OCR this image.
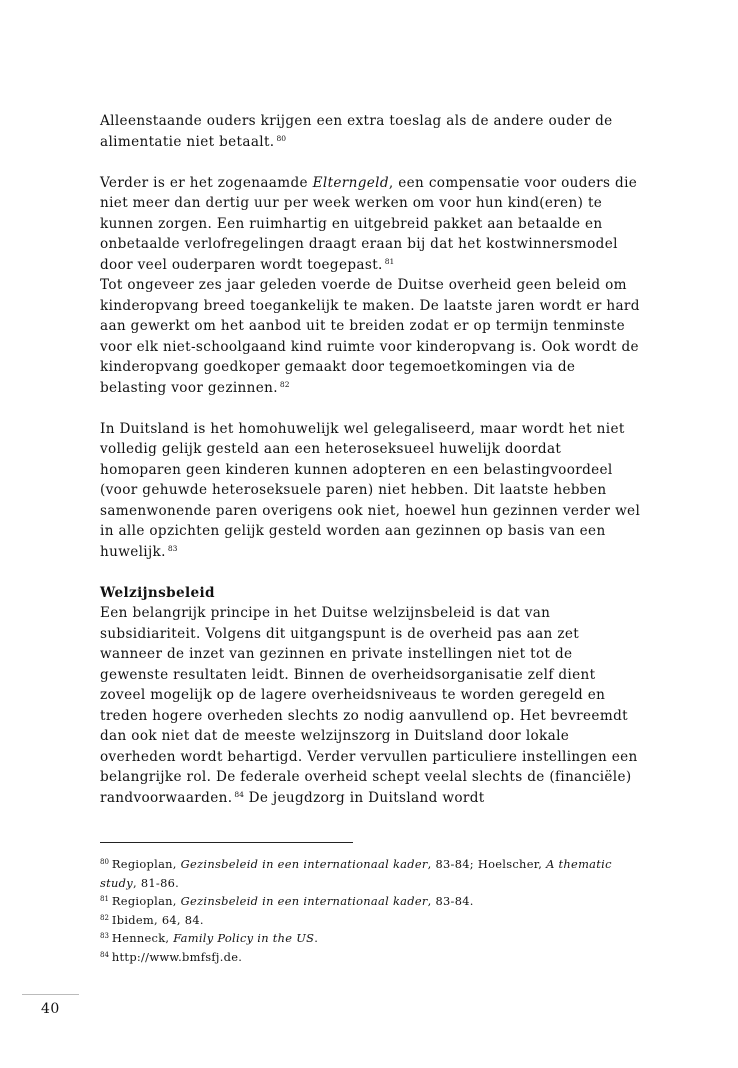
Alleenstaande ouders krijgen een extra toeslag als de andere ouder de alimentatie niet betaalt. $^{80}$

Verder is er het zogenaamde Elterngeld, een compensatie voor ouders die niet meer dan dertig uur per week werken om voor hun kind(eren) te kunnen zorgen. Een ruimhartig en uitgebreid pakket aan betaalde en onbetaalde verlofregelingen draagt eraan bij dat het kostwinnersmodel door veel ouderparen wordt toegepast. $^{81}$

Tot ongeveer zes jaar geleden voerde de Duitse overheid geen beleid om kinderopvang breed toegankelijk te maken. De laatste jaren wordt er hard aan gewerkt om het aanbod uit te breiden zodat er op termijn tenminste voor elk niet-schoolgaand kind ruimte voor kinderopvang is. Ook wordt de kinderopvang goedkoper gemaakt door tegemoetkomingen via de belasting voor gezinnen. $^{82}$

In Duitsland is het homohuwelijk wel gelegaliseerd, maar wordt het niet volledig gelijk gesteld aan een heteroseksueel huwelijk doordat homoparen geen kinderen kunnen adopteren en een belastingvoordeel (voor gehuwde heteroseksuele paren) niet hebben. Dit laatste hebben samenwonende paren overigens ook niet, hoewel hun gezinnen verder wel in alle opzichten gelijk gesteld worden aan gezinnen op basis van een huwelijk. $^{83}$

Welzijnsbeleid

Een belangrijk principe in het Duitse welzijnsbeleid is dat van subsidiariteit. Volgens dit uitgangspunt is de overheid pas aan zet wanneer de inzet van gezinnen en private instellingen niet tot de gewenste resultaten leidt. Binnen de overheidsorganisatie zelf dient zoveel mogelijk op de lagere overheidsniveaus te worden geregeld en treden hogere overheden slechts zo nodig aanvullend op. Het bevreemdt dan ook niet dat de meeste welzijnszorg in Duitsland door lokale overheden wordt behartigd. Verder vervullen particuliere instellingen een belangrijke rol. De federale overheid schept veelal slechts de (financiële) randvoorwaarden. $^{84}$ De jeugdzorg in Duitsland wordt

$^{80}$ Regioplan, Gezinsbeleid in een internationaal kader, 83-84; Hoelscher, A thematic study, 81-86.

$^{81}$ Regioplan, Gezinsbeleid in een internationaal kader, 83-84.

$^{82}$ Ibidem, 64, 84.

$^{83}$ Henneck, Family Policy in the US.

$^{84}$ http://www.bmfsfj.de.

40
